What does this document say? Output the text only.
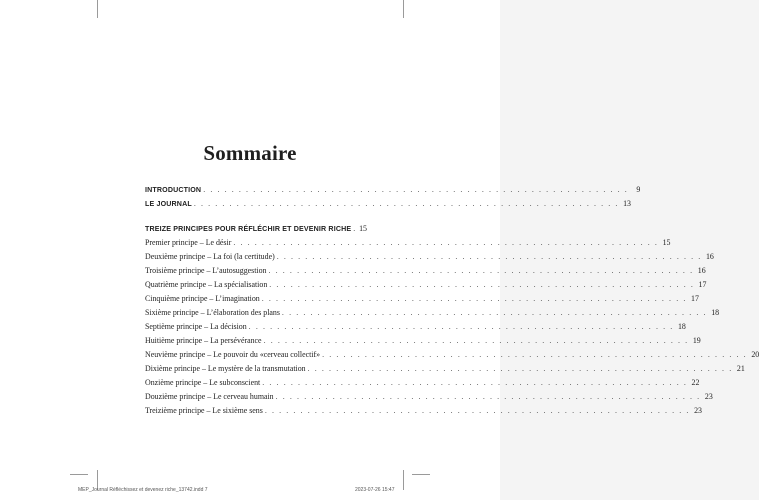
Sommaire
INTRODUCTION . . . . . . . . . . . . . . . . . . . . . . . . . . . . . . . . . . . . . . . . . . . . . . . . . . . . . . . . . . . .	9
LE JOURNAL . . . . . . . . . . . . . . . . . . . . . . . . . . . . . . . . . . . . . . . . . . . . . . . . . . . . . . . . . . . . 13
TREIZE PRINCIPES POUR RÉFLÉCHIR ET DEVENIR RICHE 15
Premier principe – Le désir . . . . . . . . . . . . . . . . . . . . . . . . . . . . . . . . . . . . . . . . . . . . . . . . . . . . . . . . . . . . 15
Deuxième principe – La foi (la certitude) . . . . . . . . . . . . . . . . . . . . . . . . . . . . . . . . . . . . . . . . . . . . . . . . . . . . . . . . . . . . 16
Troisième principe – L’autosuggestion . . . . . . . . . . . . . . . . . . . . . . . . . . . . . . . . . . . . . . . . . . . . . . . . . . . . . . . . . . . . 16
Quatrième principe – La spécialisation . . . . . . . . . . . . . . . . . . . . . . . . . . . . . . . . . . . . . . . . . . . . . . . . . . . . . . . . . . . . 17
Cinquième principe – L’imagination . . . . . . . . . . . . . . . . . . . . . . . . . . . . . . . . . . . . . . . . . . . . . . . . . . . . . . . . . . . . 17
Sixième principe – L’élaboration des plans . . . . . . . . . . . . . . . . . . . . . . . . . . . . . . . . . . . . . . . . . . . . . . . . . . . . . . . . . . . . 18
Septième principe – La décision . . . . . . . . . . . . . . . . . . . . . . . . . . . . . . . . . . . . . . . . . . . . . . . . . . . . . . . . . . . . 18
Huitième principe – La persévérance . . . . . . . . . . . . . . . . . . . . . . . . . . . . . . . . . . . . . . . . . . . . . . . . . . . . . . . . . . . . 19
Neuvième principe – Le pouvoir du «cerveau collectif» . . . . . . . . . . . . . . . . . . . . . . . . . . . . . . . . . . . . . . . . . . . . . . . . . . . . . . . . . . . . 20
Dixième principe – Le mystère de la transmutation . . . . . . . . . . . . . . . . . . . . . . . . . . . . . . . . . . . . . . . . . . . . . . . . . . . . . . . . . . . . 21
Onzième principe – Le subconscient . . . . . . . . . . . . . . . . . . . . . . . . . . . . . . . . . . . . . . . . . . . . . . . . . . . . . . . . . . . . 22
Douzième principe – Le cerveau humain . . . . . . . . . . . . . . . . . . . . . . . . . . . . . . . . . . . . . . . . . . . . . . . . . . . . . . . . . . . . 23
Treizième principe – Le sixième sens . . . . . . . . . . . . . . . . . . . . . . . . . . . . . . . . . . . . . . . . . . . . . . . . . . . . . . . . . . . . 23
MEP_Journal Réfléchissez et devenez riche_13742.indd 7	2023-07-26 15:47
